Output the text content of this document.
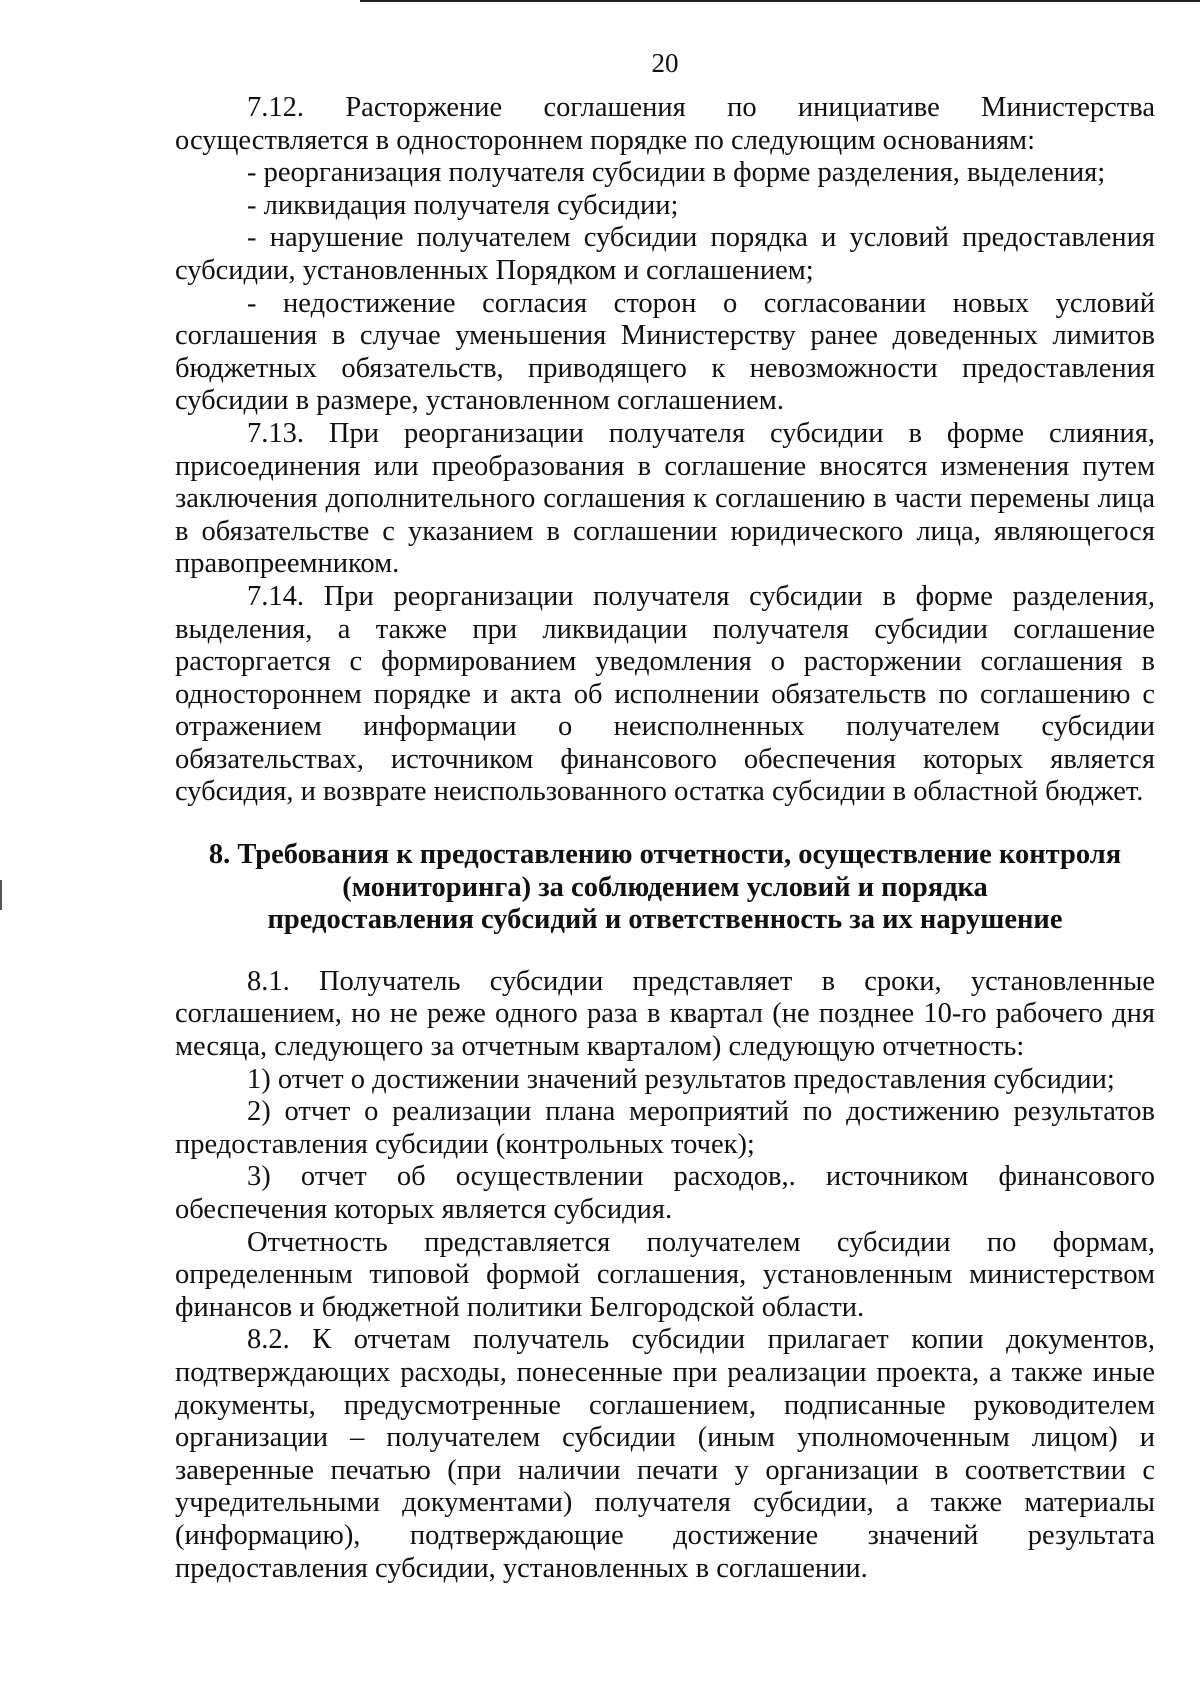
20

7.12. Расторжение соглашения по инициативе Министерства осуществляется в одностороннем порядке по следующим основаниям:

- реорганизация получателя субсидии в форме разделения, выделения;

- ликвидация получателя субсидии;

- нарушение получателем субсидии порядка и условий предоставления субсидии, установленных Порядком и соглашением;

- недостижение согласия сторон о согласовании новых условий соглашения в случае уменьшения Министерству ранее доведенных лимитов бюджетных обязательств, приводящего к невозможности предоставления субсидии в размере, установленном соглашением.

7.13. При реорганизации получателя субсидии в форме слияния, присоединения или преобразования в соглашение вносятся изменения путем заключения дополнительного соглашения к соглашению в части перемены лица в обязательстве с указанием в соглашении юридического лица, являющегося правопреемником.

7.14. При реорганизации получателя субсидии в форме разделения, выделения, а также при ликвидации получателя субсидии соглашение расторгается с формированием уведомления о расторжении соглашения в одностороннем порядке и акта об исполнении обязательств по соглашению с отражением информации о неисполненных получателем субсидии обязательствах, источником финансового обеспечения которых является субсидия, и возврате неиспользованного остатка субсидии в областной бюджет.

8. Требования к предоставлению отчетности, осуществление контроля
(мониторинга) за соблюдением условий и порядка
предоставления субсидий и ответственность за их нарушение

8.1. Получатель субсидии представляет в сроки, установленные соглашением, но не реже одного раза в квартал (не позднее 10-го рабочего дня месяца, следующего за отчетным кварталом) следующую отчетность:

1) отчет о достижении значений результатов предоставления субсидии;

2) отчет о реализации плана мероприятий по достижению результатов предоставления субсидии (контрольных точек);

3) отчет об осуществлении расходов,. источником финансового обеспечения которых является субсидия.

Отчетность представляется получателем субсидии по формам, определенным типовой формой соглашения, установленным министерством финансов и бюджетной политики Белгородской области.

8.2. К отчетам получатель субсидии прилагает копии документов, подтверждающих расходы, понесенные при реализации проекта, а также иные документы, предусмотренные соглашением, подписанные руководителем организации – получателем субсидии (иным уполномоченным лицом) и заверенные печатью (при наличии печати у организации в соответствии с учредительными документами) получателя субсидии, а также материалы (информацию), подтверждающие достижение значений результата предоставления субсидии, установленных в соглашении.
